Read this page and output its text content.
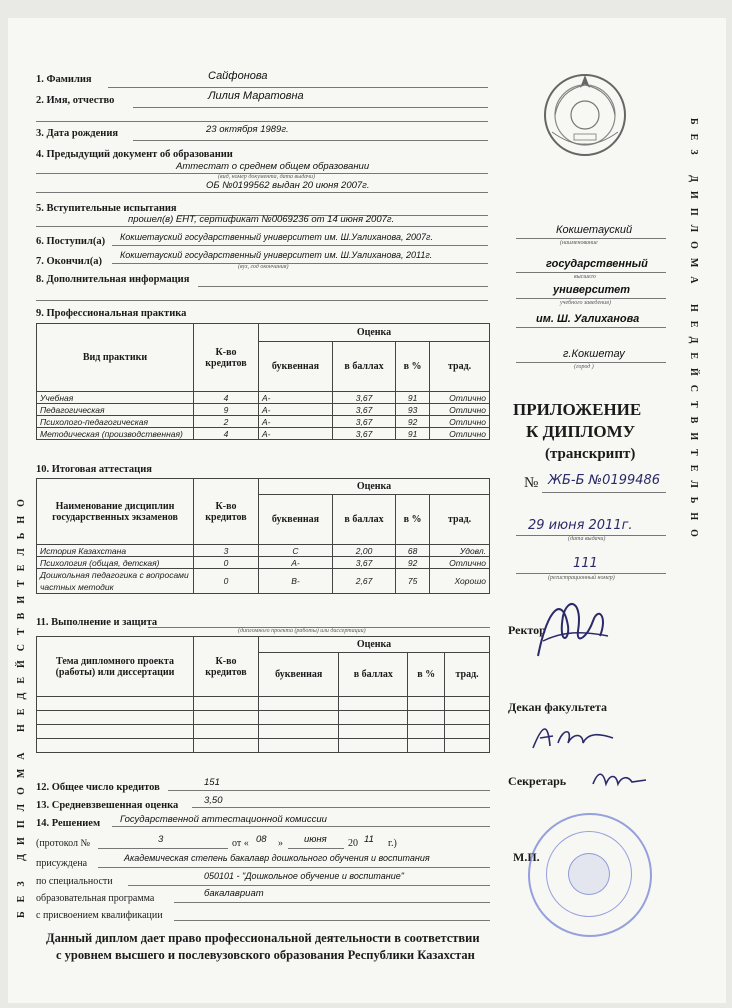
БЕЗ ДИПЛОМА НЕДЕЙСТВИТЕЛЬНО
БЕЗ ДИПЛОМА НЕДЕЙСТВИТЕЛЬНО
1. Фамилия	Сайфонова
2. Имя, отчество	Лилия Маратовна
3. Дата рождения	23 октября 1989г.
4. Предыдущий документ об образовании
Аттестат о среднем общем образовании
(вид, номер документа, дата выдачи)
ОБ №0199562 выдан 20 июня 2007г.
5. Вступительные испытания
прошел(в) ЕНТ, сертификат №0069236 от 14 июня 2007г.
6. Поступил(а) Кокшетауский государственный университет им. Ш.Уалиханова, 2007г.
7. Окончил(а)
Кокшетауский государственный университет им. Ш.Уалиханова, 2011г.
(вуз, год окончания)
8. Дополнительная информация
9. Профессиональная практика
Вид практики	К-во кредитов	Оценка			
		буквенная	в баллах	в %	трад.
Учебная	4	A-	3,67	91	Отлично
Педагогическая	9	A-	3,67	93	Отлично
Психолого-педагогическая	2	A-	3,67	92	Отлично
Методическая (производственная)	4	A-	3,67	91	Отлично
10. Итоговая аттестация
Наименование дисциплин государственных экзаменов	К-во кредитов	Оценка			
		буквенная	в баллах	в %	трад.
История Казахстана	3	C	2,00	68	Удовл.
Психология (общая, детская)	0	A-	3,67	92	Отлично
Дошкольная педагогика с вопросами частных методик	0	B-	2,67	75	Хорошо
11. Выполнение и защита
(дипломного проекта (работы) или диссертации)
Тема дипломного проекта (работы) или диссертации	К-во кредитов	Оценка			
		буквенная	в баллах	в %	трад.

12. Общее число кредитов	151
13. Средневзвешенная оценка	3,50
14. Решением Государственной аттестационной комиссии
(протокол №	3	от « 08 » июня 20 11 г.)
присуждена	Академическая степень бакалавр дошкольного обучения и воспитания
по специальности	050101 - "Дошкольное обучение и воспитание"
образовательная программа	бакалавриат
с присвоением квалификации
Данный диплом дает право профессиональной деятельности в соответствии
с уровнем высшего и послевузовского образования Республики Казахстан
Кокшетауский
(наименование
государственный
высшего
университет
учебного заведения)
им. Ш. Уалиханова
г.Кокшетау
(город )
ПРИЛОЖЕНИЕ
К ДИПЛОМУ
(транскрипт)
№ ЖБ-Б №0199486
29 июня 2011г.
(дата выдачи)
111
(регистрационный номер)
Ректор
Декан факультета
Секретарь
М.П.
